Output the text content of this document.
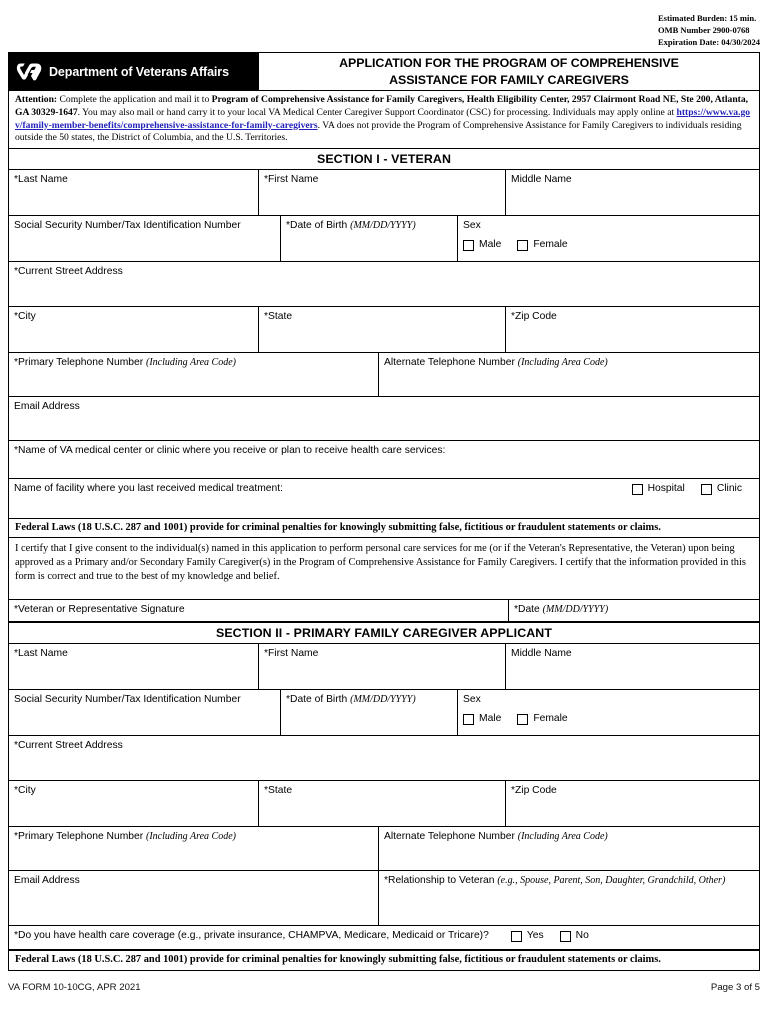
Estimated Burden: 15 min.
OMB Number 2900-0768
Expiration Date: 04/30/2024
Department of Veterans Affairs
APPLICATION FOR THE PROGRAM OF COMPREHENSIVE
ASSISTANCE FOR FAMILY CAREGIVERS
Attention: Complete the application and mail it to Program of Comprehensive Assistance for Family Caregivers, Health Eligibility Center, 2957 Clairmont Road NE, Ste 200, Atlanta, GA 30329-1647. You may also mail or hand carry it to your local VA Medical Center Caregiver Support Coordinator (CSC) for processing. Individuals may apply online at https://www.va.gov/family-member-benefits/comprehensive-assistance-for-family-caregivers. VA does not provide the Program of Comprehensive Assistance for Family Caregivers to individuals residing outside the 50 states, the District of Columbia, and the U.S. Territories.
SECTION I - VETERAN
*Last Name	*First Name	Middle Name
Social Security Number/Tax Identification Number	*Date of Birth (MM/DD/YYYY)	Sex
Male	Female
*Current Street Address
*City	*State	*Zip Code
*Primary Telephone Number (Including Area Code)	Alternate Telephone Number (Including Area Code)
Email Address
*Name of VA medical center or clinic where you receive or plan to receive health care services:
Name of facility where you last received medical treatment:	Hospital	Clinic
Federal Laws (18 U.S.C. 287 and 1001) provide for criminal penalties for knowingly submitting false, fictitious or fraudulent statements or claims.
I certify that I give consent to the individual(s) named in this application to perform personal care services for me (or if the Veteran's Representative, the Veteran) upon being approved as a Primary and/or Secondary Family Caregiver(s) in the Program of Comprehensive Assistance for Family Caregivers. I certify that the information provided in this form is correct and true to the best of my knowledge and belief.
*Veteran or Representative Signature	*Date (MM/DD/YYYY)
SECTION II - PRIMARY FAMILY CAREGIVER APPLICANT
*Last Name	*First Name	Middle Name
Social Security Number/Tax Identification Number	*Date of Birth (MM/DD/YYYY)	Sex
Male	Female
*Current Street Address
*City	*State	*Zip Code
*Primary Telephone Number (Including Area Code)	Alternate Telephone Number (Including Area Code)
Email Address	*Relationship to Veteran (e.g., Spouse, Parent, Son, Daughter, Grandchild, Other)
*Do you have health care coverage (e.g., private insurance, CHAMPVA, Medicare, Medicaid or Tricare)?	Yes	No
Federal Laws (18 U.S.C. 287 and 1001) provide for criminal penalties for knowingly submitting false, fictitious or fraudulent statements or claims.
VA FORM 10-10CG, APR 2021	Page 3 of 5
